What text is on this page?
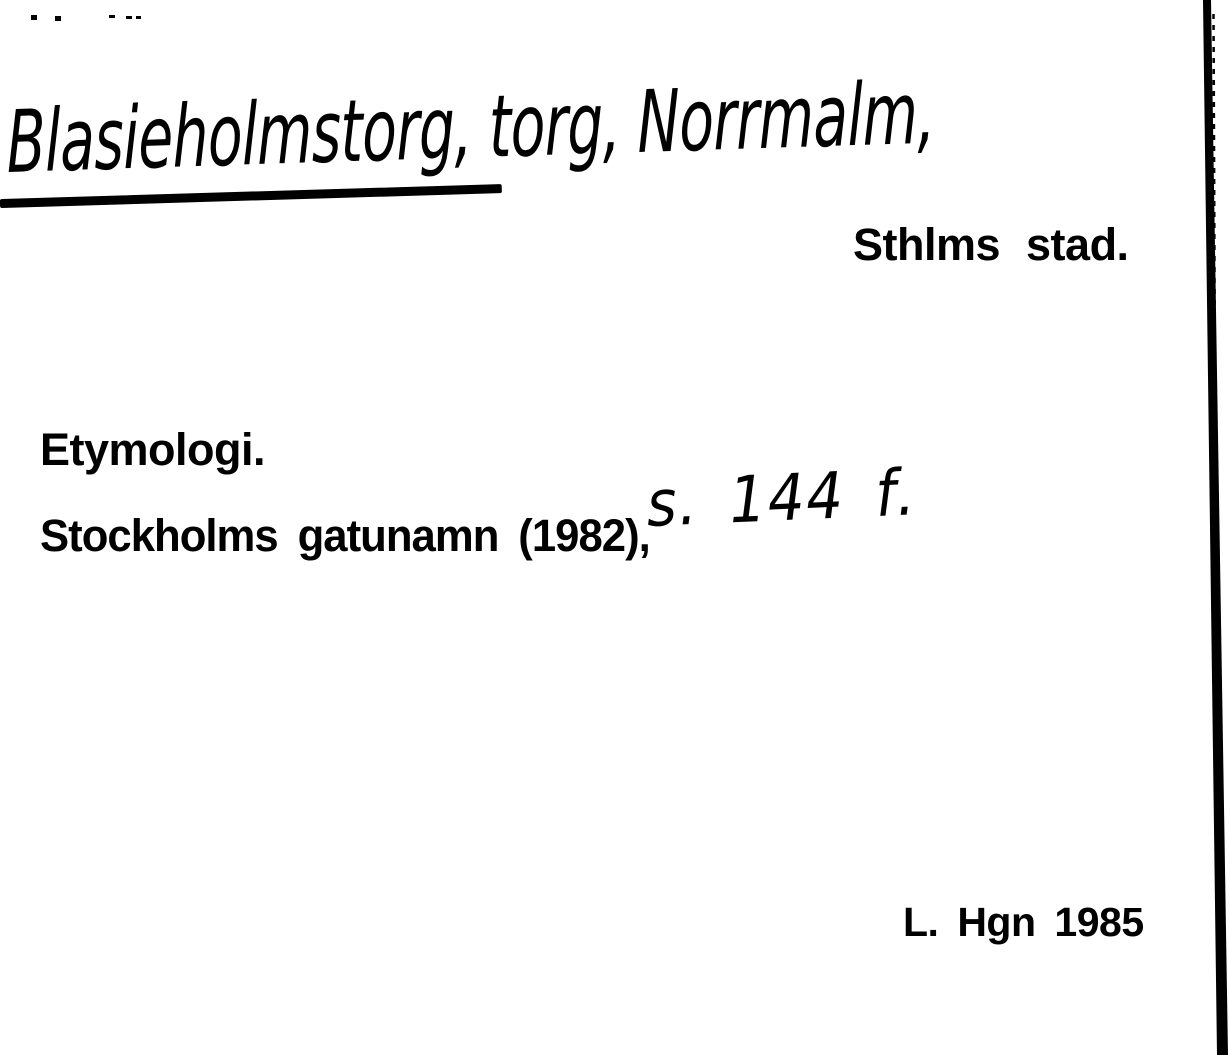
Blasieholmstorg, torg, Norrmalm,
Sthlms stad.
Etymologi.
Stockholms gatunamn (1982),
s. 144 f.
L. Hgn 1985
